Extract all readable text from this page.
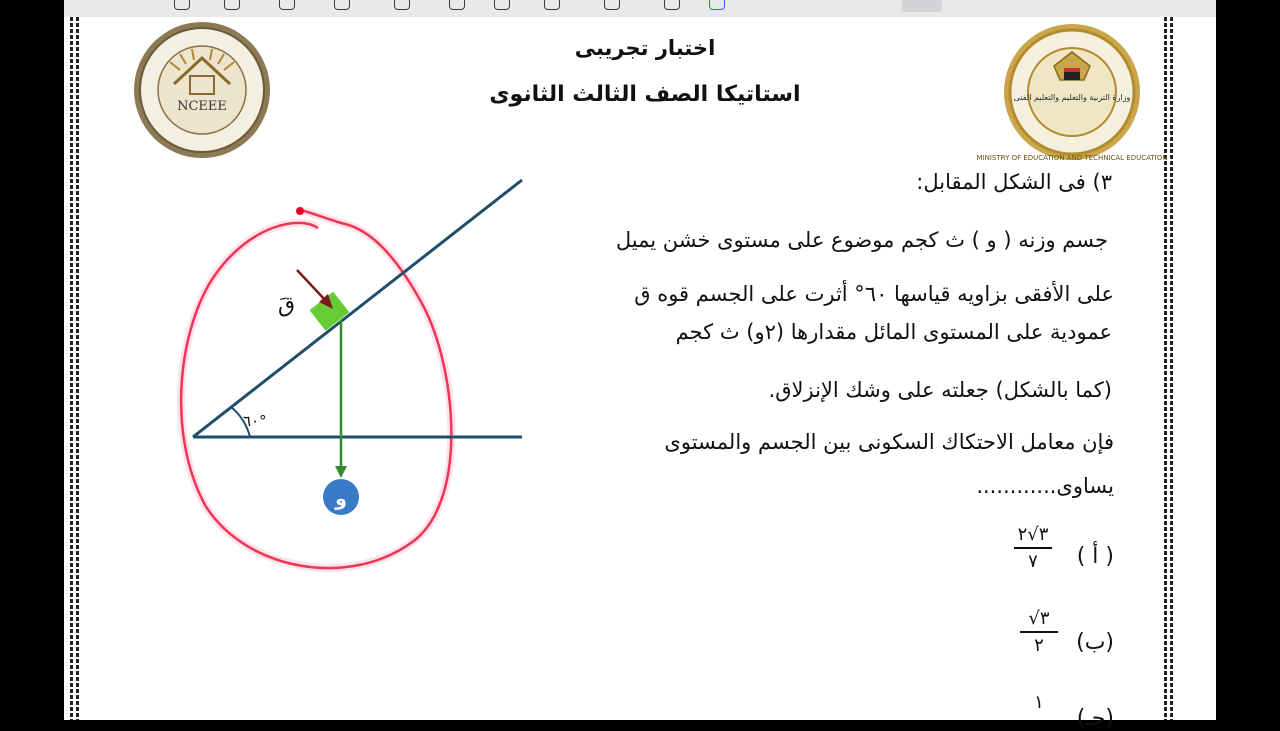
اختبار تجريبى
استاتيكا الصف الثالث الثانوى
NCEEE
MINISTRY OF EDUCATION AND TECHNICAL EDUCATION
وزارة التربية والتعليم والتعليم الفنى
٦٠°
قَ
و
٣) فى الشكل المقابل:
جسم وزنه ( و ) ث كجم موضوع على مستوى خشن يميل
على الأفقى بزاويه قياسها ٦٠° أثرت على الجسم قوه ق
عمودية على المستوى المائل مقدارها (٢و) ث كجم
(كما بالشكل) جعلته على وشك الإنزلاق.
فإن معامل الاحتكاك السكونى بين الجسم والمستوى
يساوى............
( أ )
٣√٢
٧
(ب)
٣√
٢
(جـ)
١
